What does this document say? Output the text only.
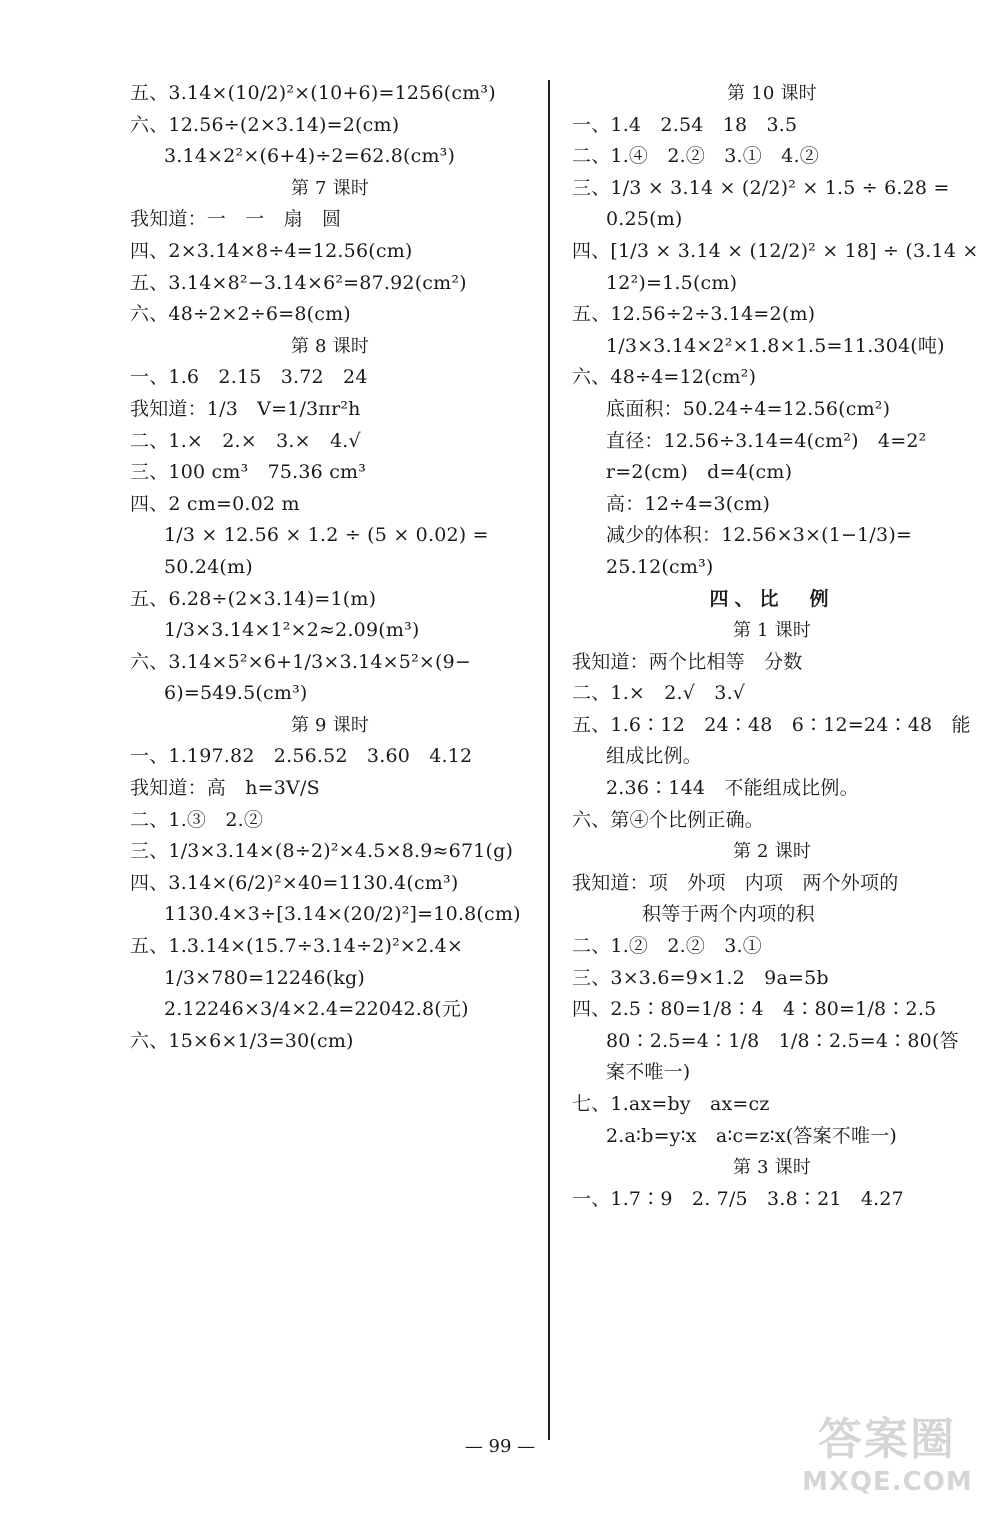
五、3.14×(10/2)²×(10+6)=1256(cm³)
六、12.56÷(2×3.14)=2(cm)
3.14×2²×(6+4)÷2=62.8(cm³)
第 7 课时
我知道：一　一　扇　圆
四、2×3.14×8÷4=12.56(cm)
五、3.14×8²−3.14×6²=87.92(cm²)
六、48÷2×2÷6=8(cm)
第 8 课时
一、1.6　2.15　3.72　24
我知道：1/3　V=1/3πr²h
二、1.×　2.×　3.×　4.√
三、100 cm³　75.36 cm³
四、2 cm=0.02 m
1/3 × 12.56 × 1.2 ÷ (5 × 0.02) =
50.24(m)
五、6.28÷(2×3.14)=1(m)
1/3×3.14×1²×2≈2.09(m³)
六、3.14×5²×6+1/3×3.14×5²×(9−
6)=549.5(cm³)
第 9 课时
一、1.197.82　2.56.52　3.60　4.12
我知道：高　h=3V/S
二、1.③　2.②
三、1/3×3.14×(8÷2)²×4.5×8.9≈671(g)
四、3.14×(6/2)²×40=1130.4(cm³)
1130.4×3÷[3.14×(20/2)²]=10.8(cm)
五、1.3.14×(15.7÷3.14÷2)²×2.4×
1/3×780=12246(kg)
2.12246×3/4×2.4=22042.8(元)
六、15×6×1/3=30(cm)
第 10 课时
一、1.4　2.54　18　3.5
二、1.④　2.②　3.①　4.②
三、1/3 × 3.14 × (2/2)² × 1.5 ÷ 6.28 =
0.25(m)
四、[1/3 × 3.14 × (12/2)² × 18] ÷ (3.14 ×
12²)=1.5(cm)
五、12.56÷2÷3.14=2(m)
1/3×3.14×2²×1.8×1.5=11.304(吨)
六、48÷4=12(cm²)
底面积：50.24÷4=12.56(cm²)
直径：12.56÷3.14=4(cm²)　4=2²
r=2(cm)　d=4(cm)
高：12÷4=3(cm)
减少的体积：12.56×3×(1−1/3)=
25.12(cm³)
四、比　例
第 1 课时
我知道：两个比相等　分数
二、1.×　2.√　3.√
五、1.6∶12　24∶48　6∶12=24∶48　能
组成比例。
2.36∶144　不能组成比例。
六、第④个比例正确。
第 2 课时
我知道：项　外项　内项　两个外项的
积等于两个内项的积
二、1.②　2.②　3.①
三、3×3.6=9×1.2　9a=5b
四、2.5∶80=1/8∶4　4∶80=1/8∶2.5
80∶2.5=4∶1/8　1/8∶2.5=4∶80(答
案不唯一)
七、1.ax=by　ax=cz
2.a∶b=y∶x　a∶c=z∶x(答案不唯一)
第 3 课时
一、1.7∶9　2. 7/5　3.8∶21　4.27
— 99 —	答案圈
MXQE.COM
